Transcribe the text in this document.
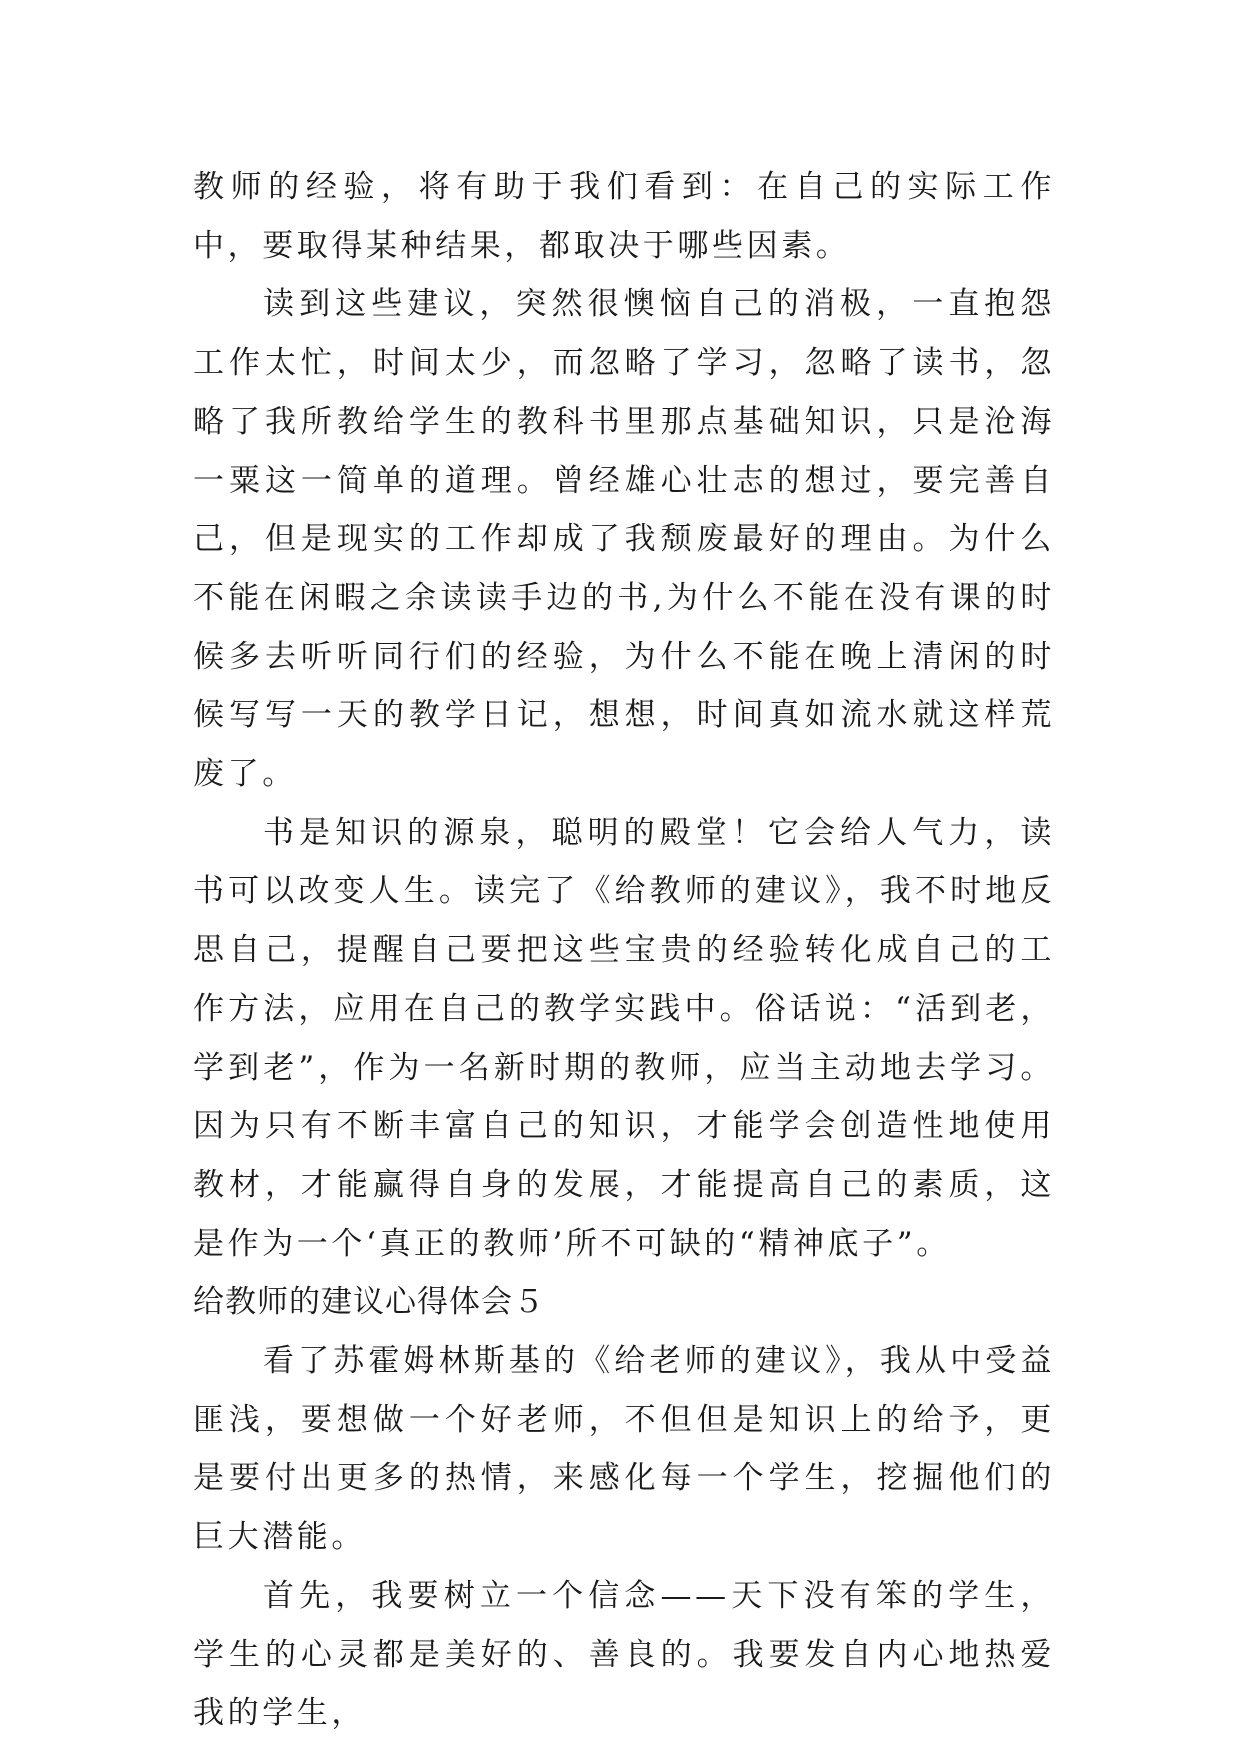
教师的经验，将有助于我们看到：在自己的实际工作中，要取得某种结果，都取决于哪些因素。

读到这些建议，突然很懊恼自己的消极，一直抱怨工作太忙，时间太少，而忽略了学习，忽略了读书，忽略了我所教给学生的教科书里那点基础知识，只是沧海一粟这一简单的道理。曾经雄心壮志的想过，要完善自己，但是现实的工作却成了我颓废最好的理由。为什么不能在闲暇之余读读手边的书,为什么不能在没有课的时候多去听听同行们的经验，为什么不能在晚上清闲的时候写写一天的教学日记，想想，时间真如流水就这样荒废了。

书是知识的源泉，聪明的殿堂！它会给人气力，读书可以改变人生。读完了《给教师的建议》，我不时地反思自己，提醒自己要把这些宝贵的经验转化成自己的工作方法，应用在自己的教学实践中。俗话说：“活到老，学到老”，作为一名新时期的教师，应当主动地去学习。因为只有不断丰富自己的知识，才能学会创造性地使用教材，才能赢得自身的发展，才能提高自己的素质，这是作为一个‘真正的教师’所不可缺的“精神底子”。

给教师的建议心得体会５

看了苏霍姆林斯基的《给老师的建议》，我从中受益匪浅，要想做一个好老师，不但但是知识上的给予，更是要付出更多的热情，来感化每一个学生，挖掘他们的巨大潜能。

首先，我要树立一个信念——天下没有笨的学生，学生的心灵都是美好的、善良的。我要发自内心地热爱我的学生，
